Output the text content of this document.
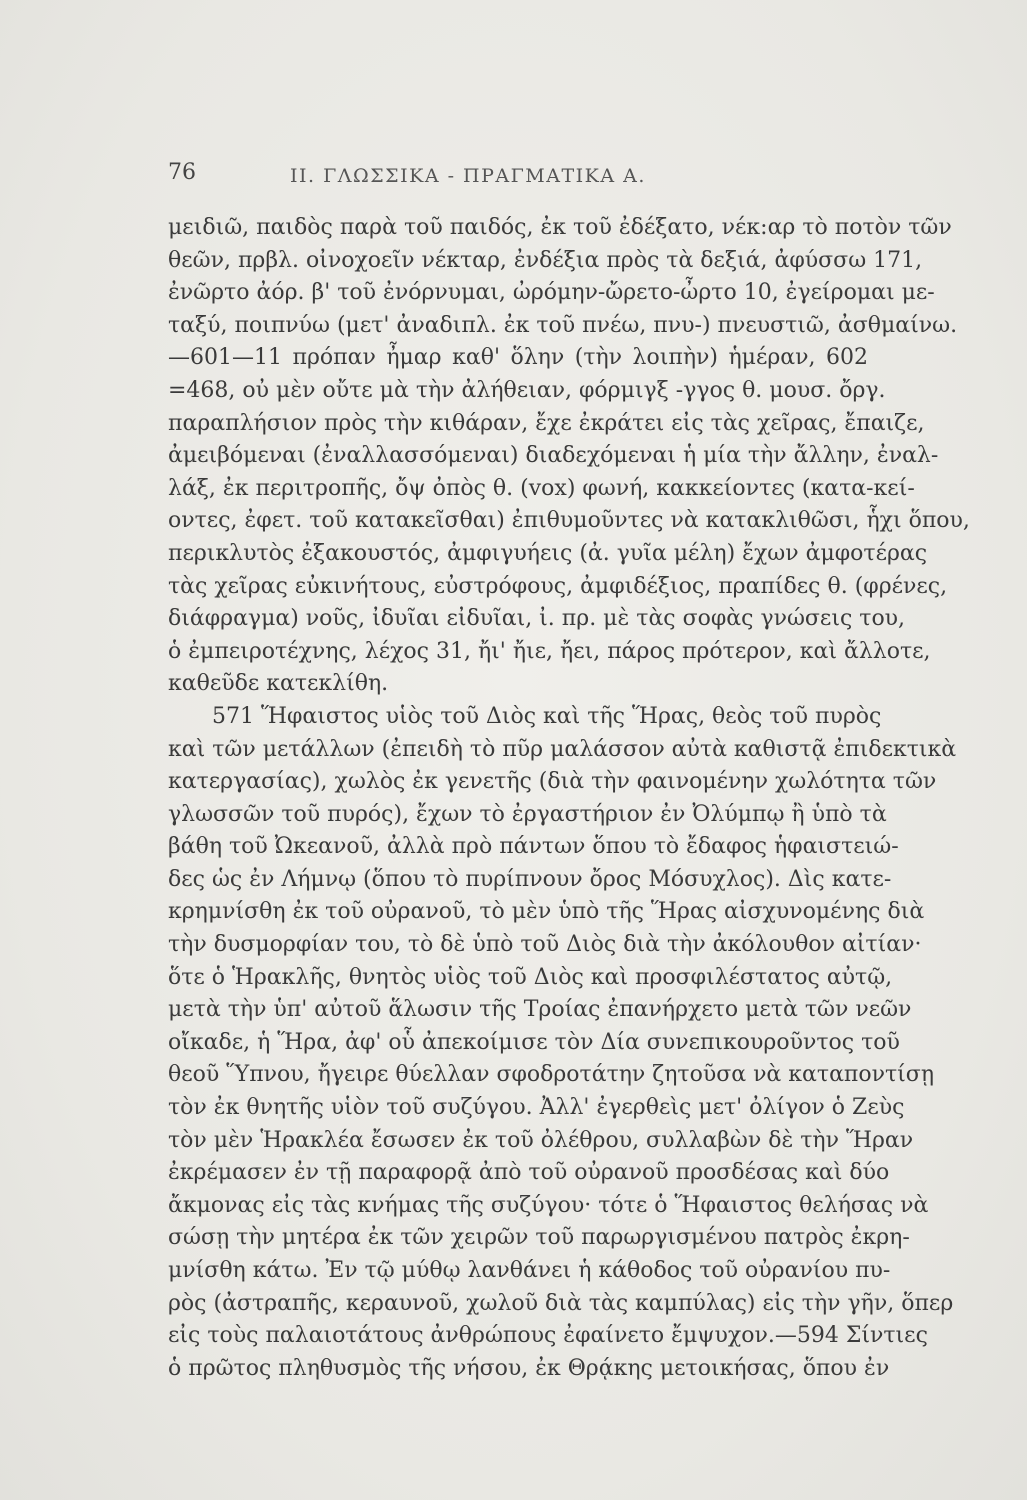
76	II. ΓΛΩΣΣΙΚΑ - ΠΡΑΓΜΑΤΙΚΑ Α.
μειδιῶ, παιδὸς παρὰ τοῦ παιδός, ἐκ τοῦ ἐδέξατο, νέκ:αρ τὸ ποτὸν τῶν
θεῶν, πρβλ. οἰνοχοεῖν νέκταρ, ἐνδέξια πρὸς τὰ δεξιά, ἀφύσσω 171,
ἐνῶρτο ἀόρ. β' τοῦ ἐνόρνυμαι, ὠρόμην-ὤρετο-ὦρτο 10, ἐγείρομαι με-
ταξύ, ποιπνύω (μετ' ἀναδιπλ. ἐκ τοῦ πνέω, πνυ-) πνευστιῶ, ἀσθμαίνω.
—601—11 πρόπαν ἦμαρ καθ' ὅλην (τὴν λοιπὴν) ἡμέραν, 602
=468, οὐ μὲν οὔτε μὰ τὴν ἀλήθειαν, φόρμιγξ -γγος θ. μουσ. ὄργ.
παραπλήσιον πρὸς τὴν κιθάραν, ἔχε ἐκράτει εἰς τὰς χεῖρας, ἔπαιζε,
ἀμειβόμεναι (ἐναλλασσόμεναι) διαδεχόμεναι ἡ μία τὴν ἄλλην, ἐναλ-
λάξ, ἐκ περιτροπῆς, ὄψ ὀπὸς θ. (vox) φωνή, κακκείοντες (κατα-κεί-
οντες, ἐφετ. τοῦ κατακεῖσθαι) ἐπιθυμοῦντες νὰ κατακλιθῶσι, ἧχι ὅπου,
περικλυτὸς ἐξακουστός, ἀμφιγυήεις (ἀ. γυῖα μέλη) ἔχων ἀμφοτέρας
τὰς χεῖρας εὐκινήτους, εὐστρόφους, ἀμφιδέξιος, πραπίδες θ. (φρένες,
διάφραγμα) νοῦς, ἰδυῖαι εἰδυῖαι, ἰ. πρ. μὲ τὰς σοφὰς γνώσεις του,
ὁ ἐμπειροτέχνης, λέχος 31, ἤι' ἤιε, ἤει, πάρος πρότερον, καὶ ἄλλοτε,
καθεῦδε κατεκλίθη.
571 Ἥφαιστος υἱὸς τοῦ Διὸς καὶ τῆς Ἥρας, θεὸς τοῦ πυρὸς
καὶ τῶν μετάλλων (ἐπειδὴ τὸ πῦρ μαλάσσον αὐτὰ καθιστᾷ ἐπιδεκτικὰ
κατεργασίας), χωλὸς ἐκ γενετῆς (διὰ τὴν φαινομένην χωλότητα τῶν
γλωσσῶν τοῦ πυρός), ἔχων τὸ ἐργαστήριον ἐν Ὀλύμπῳ ἢ ὑπὸ τὰ
βάθη τοῦ Ὠκεανοῦ, ἀλλὰ πρὸ πάντων ὅπου τὸ ἔδαφος ἡφαιστειώ-
δες ὡς ἐν Λήμνῳ (ὅπου τὸ πυρίπνουν ὄρος Μόσυχλος). Δὶς κατε-
κρημνίσθη ἐκ τοῦ οὐρανοῦ, τὸ μὲν ὑπὸ τῆς Ἥρας αἰσχυνομένης διὰ
τὴν δυσμορφίαν του, τὸ δὲ ὑπὸ τοῦ Διὸς διὰ τὴν ἀκόλουθον αἰτίαν·
ὅτε ὁ Ἡρακλῆς, θνητὸς υἱὸς τοῦ Διὸς καὶ προσφιλέστατος αὐτῷ,
μετὰ τὴν ὑπ' αὐτοῦ ἅλωσιν τῆς Τροίας ἐπανήρχετο μετὰ τῶν νεῶν
οἴκαδε, ἡ Ἥρα, ἀφ' οὗ ἀπεκοίμισε τὸν Δία συνεπικουροῦντος τοῦ
θεοῦ Ὕπνου, ἤγειρε θύελλαν σφοδροτάτην ζητοῦσα νὰ καταποντίσῃ
τὸν ἐκ θνητῆς υἱὸν τοῦ συζύγου. Ἀλλ' ἐγερθεὶς μετ' ὀλίγον ὁ Ζεὺς
τὸν μὲν Ἡρακλέα ἔσωσεν ἐκ τοῦ ὀλέθρου, συλλαβὼν δὲ τὴν Ἥραν
ἐκρέμασεν ἐν τῇ παραφορᾷ ἀπὸ τοῦ οὐρανοῦ προσδέσας καὶ δύο
ἄκμονας εἰς τὰς κνήμας τῆς συζύγου· τότε ὁ Ἥφαιστος θελήσας νὰ
σώσῃ τὴν μητέρα ἐκ τῶν χειρῶν τοῦ παρωργισμένου πατρὸς ἐκρη-
μνίσθη κάτω. Ἐν τῷ μύθῳ λανθάνει ἡ κάθοδος τοῦ οὐρανίου πυ-
ρὸς (ἀστραπῆς, κεραυνοῦ, χωλοῦ διὰ τὰς καμπύλας) εἰς τὴν γῆν, ὅπερ
εἰς τοὺς παλαιοτάτους ἀνθρώπους ἐφαίνετο ἔμψυχον.—594 Σίντιες
ὁ πρῶτος πληθυσμὸς τῆς νήσου, ἐκ Θρᾴκης μετοικήσας, ὅπου ἐν
